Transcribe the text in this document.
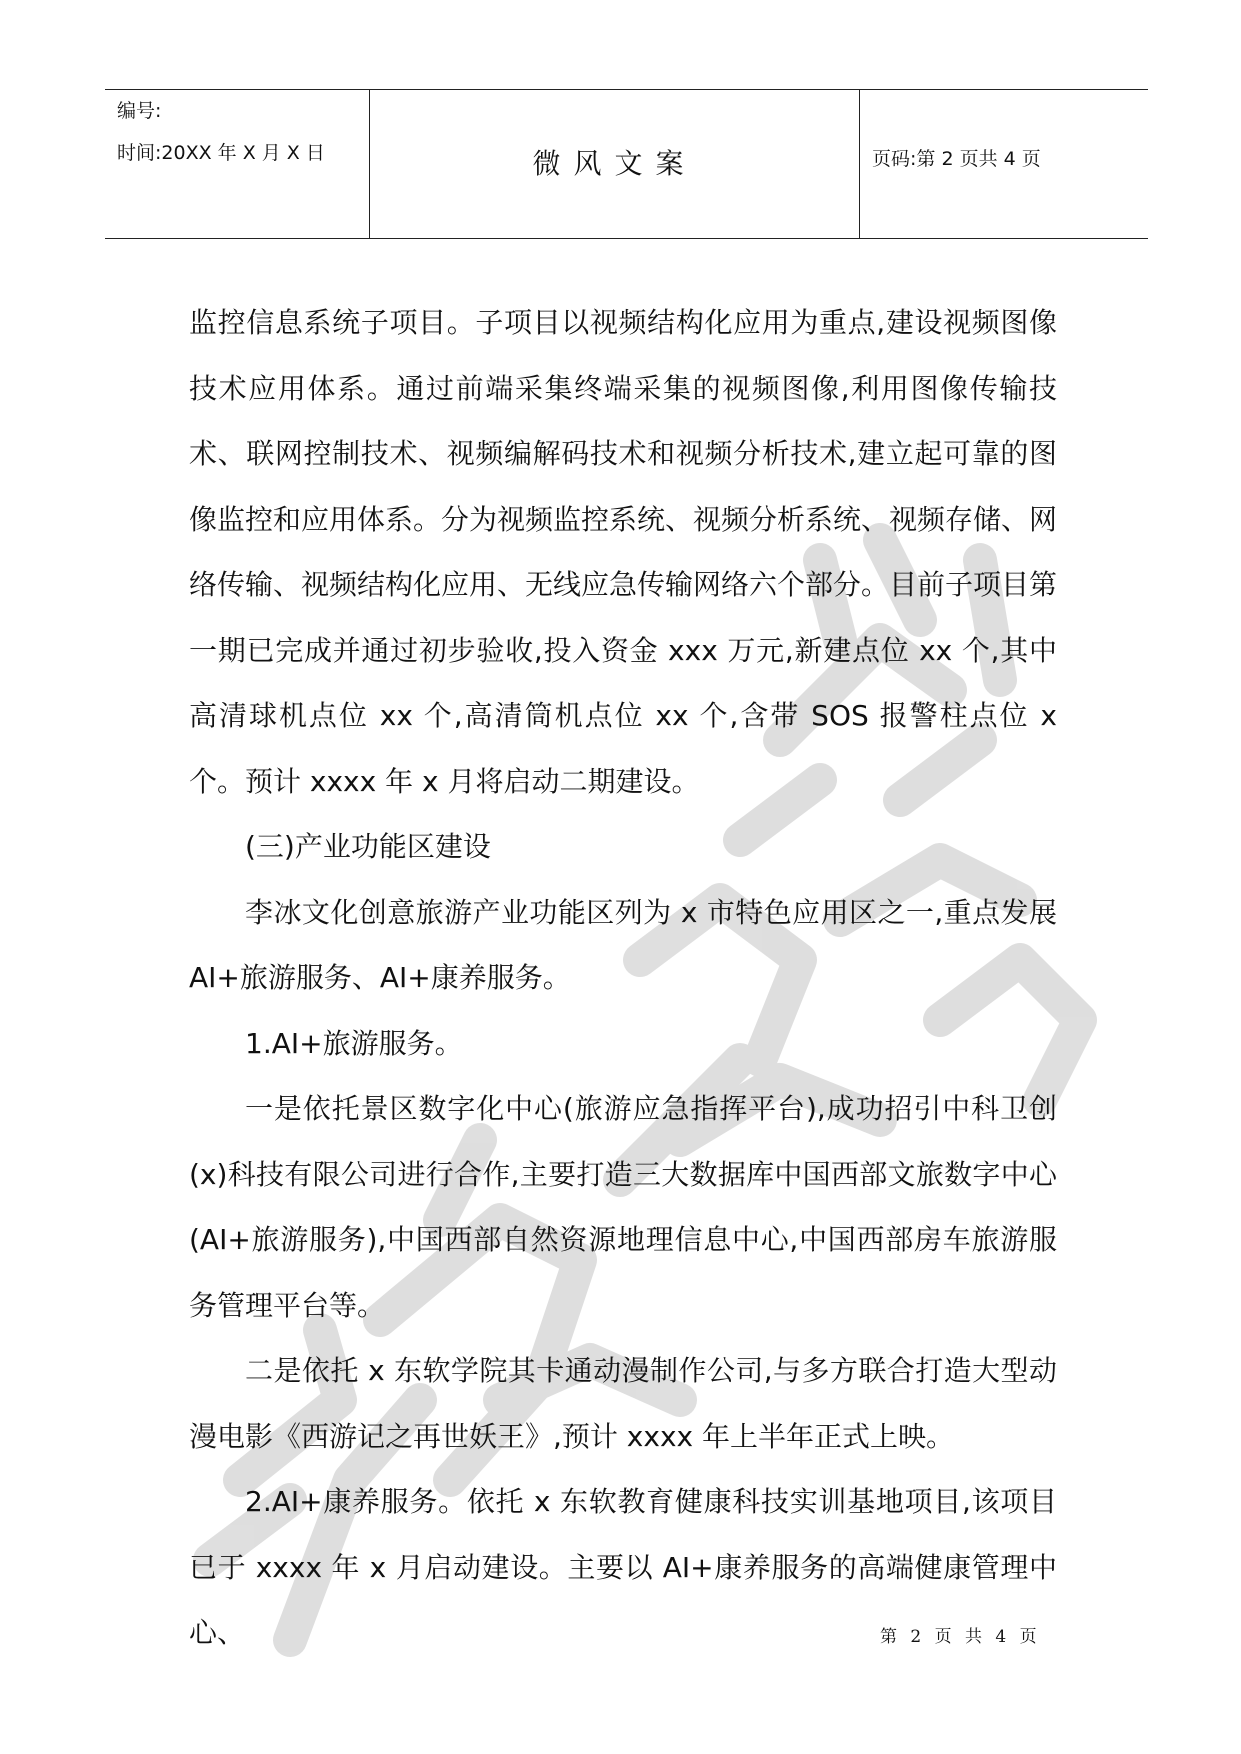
编号:
时间:20XX 年 X 月 X 日	微风文案	页码:第 2 页共 4 页

监控信息系统子项目。子项目以视频结构化应用为重点,建设视频图像技术应用体系。通过前端采集终端采集的视频图像,利用图像传输技术、联网控制技术、视频编解码技术和视频分析技术,建立起可靠的图像监控和应用体系。分为视频监控系统、视频分析系统、视频存储、网络传输、视频结构化应用、无线应急传输网络六个部分。目前子项目第一期已完成并通过初步验收,投入资金 xxx 万元,新建点位 xx 个,其中高清球机点位 xx 个,高清筒机点位 xx 个,含带 SOS 报警柱点位 x 个。预计 xxxx 年 x 月将启动二期建设。

(三)产业功能区建设

李冰文化创意旅游产业功能区列为 x 市特色应用区之一,重点发展 AI+旅游服务、AI+康养服务。

1.AI+旅游服务。

一是依托景区数字化中心(旅游应急指挥平台),成功招引中科卫创(x)科技有限公司进行合作,主要打造三大数据库中国西部文旅数字中心(AI+旅游服务),中国西部自然资源地理信息中心,中国西部房车旅游服务管理平台等。

二是依托 x 东软学院其卡通动漫制作公司,与多方联合打造大型动漫电影《西游记之再世妖王》,预计 xxxx 年上半年正式上映。

2.AI+康养服务。依托 x 东软教育健康科技实训基地项目,该项目已于 xxxx 年 x 月启动建设。主要以 AI+康养服务的高端健康管理中心、	第 2 页 共 4 页
